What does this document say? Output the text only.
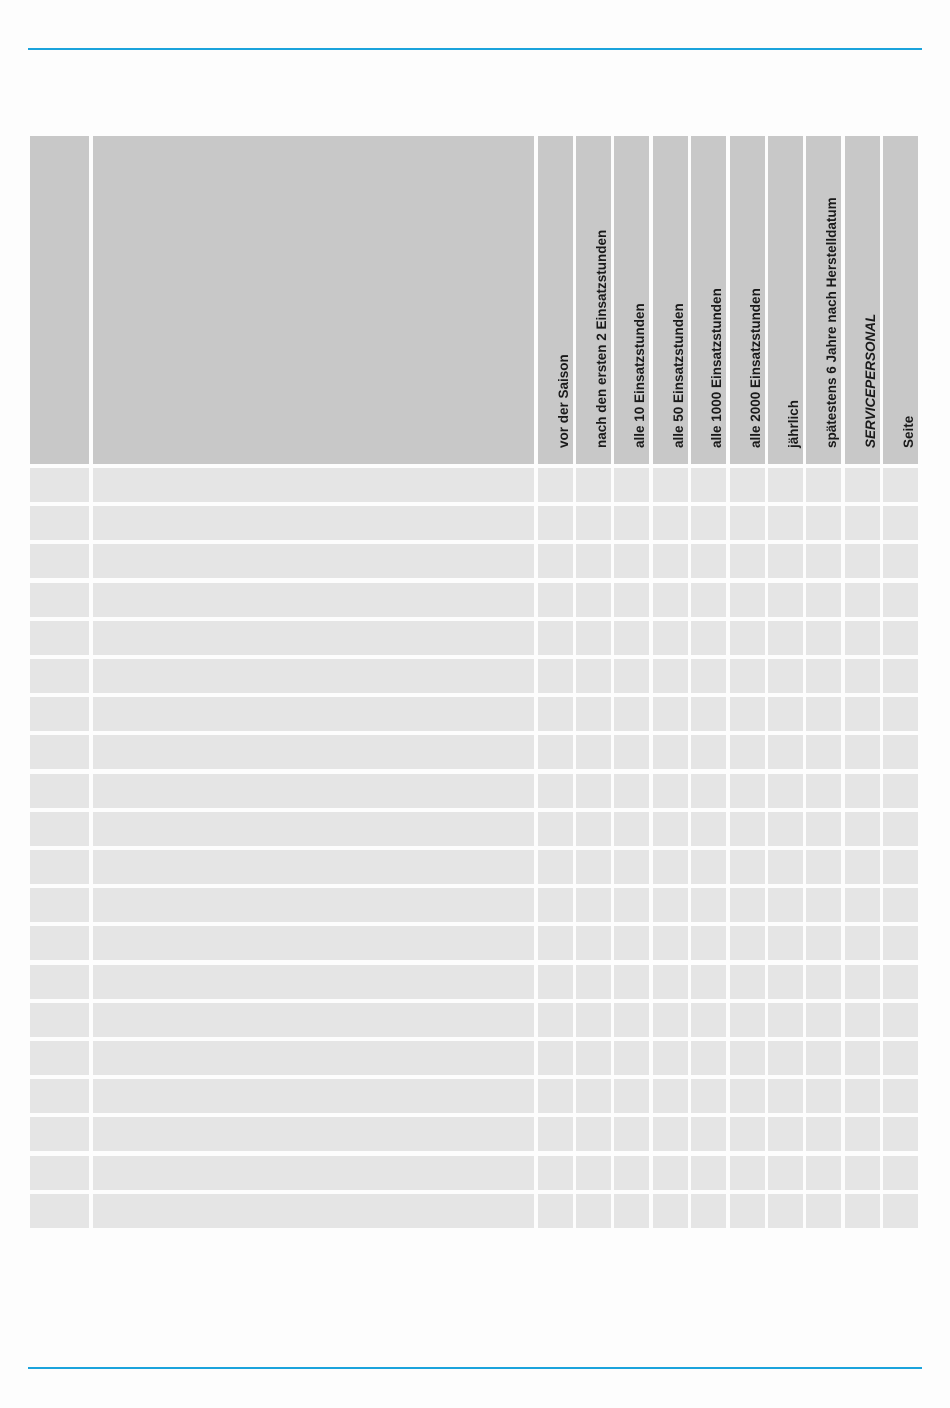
vor der Saison nach den ersten 2 Einsatzstunden alle 10 Einsatzstunden alle 50 Einsatzstunden alle 1000 Einsatzstunden alle 2000 Einsatzstunden jährlich spätestens 6 Jahre nach Herstelldatum SERVICEPERSONAL Seite
